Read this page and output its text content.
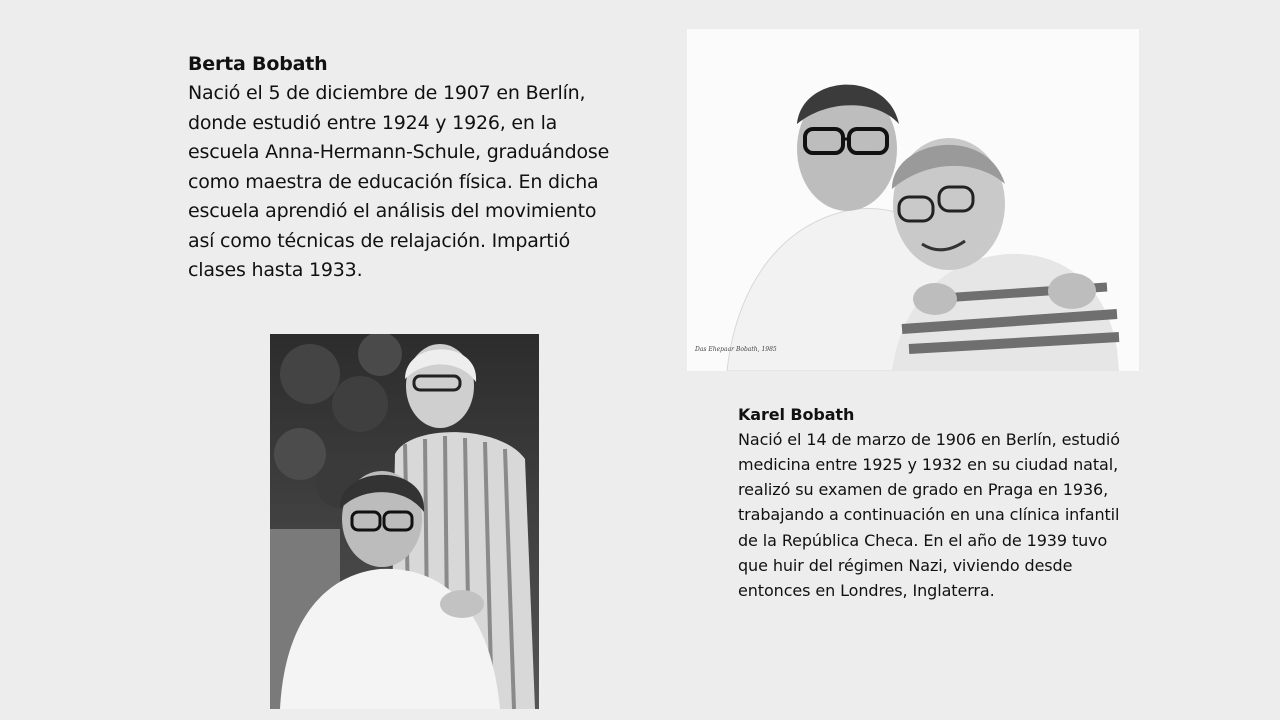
Berta Bobath
Nació el 5 de diciembre de 1907 en Berlín, donde estudió entre 1924 y 1926, en la escuela Anna-Hermann-Schule, graduándose como maestra de educación física. En dicha escuela aprendió el análisis del movimiento así como técnicas de relajación. Impartió clases hasta 1933.
Das Ehepaar Bobath, 1985
Karel Bobath
Nació el 14 de marzo de 1906 en Berlín, estudió medicina entre 1925 y 1932 en su ciudad natal, realizó su examen de grado en Praga en 1936, trabajando a continuación en una clínica infantil de la República Checa. En el año de 1939 tuvo que huir del régimen Nazi, viviendo desde entonces en Londres, Inglaterra.
